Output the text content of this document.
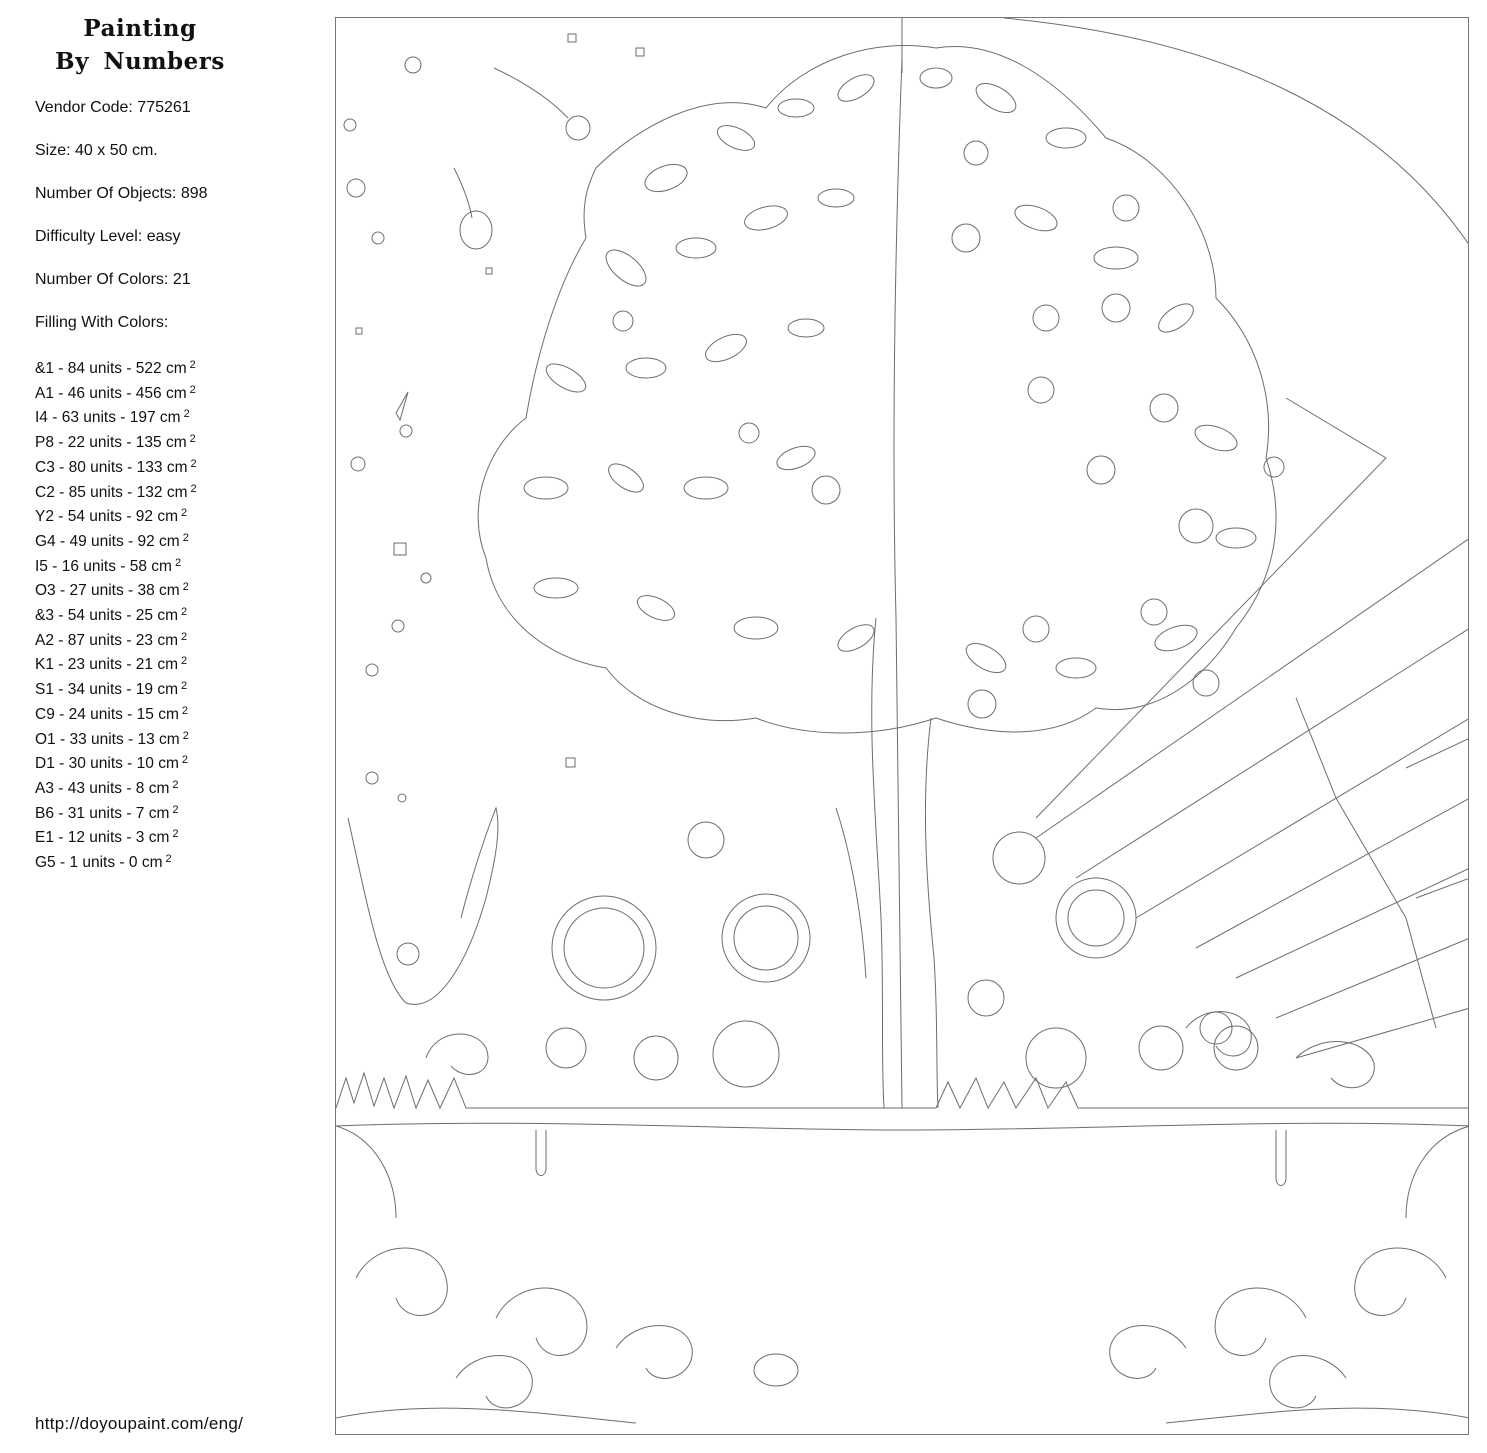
Painting
By Numbers

Vendor Code: 775261

Size: 40 x 50 cm.

Number Of Objects: 898

Difficulty Level: easy

Number Of Colors: 21

Filling With Colors:

&1 - 84 units - 522 cm $^2$
A1 - 46 units - 456 cm $^2$
I4 - 63 units - 197 cm $^2$
P8 - 22 units - 135 cm $^2$
C3 - 80 units - 133 cm $^2$
C2 - 85 units - 132 cm $^2$
Y2 - 54 units - 92 cm $^2$
G4 - 49 units - 92 cm $^2$
I5 - 16 units - 58 cm $^2$
O3 - 27 units - 38 cm $^2$
&3 - 54 units - 25 cm $^2$
A2 - 87 units - 23 cm $^2$
K1 - 23 units - 21 cm $^2$
S1 - 34 units - 19 cm $^2$
C9 - 24 units - 15 cm $^2$
O1 - 33 units - 13 cm $^2$
D1 - 30 units - 10 cm $^2$
A3 - 43 units - 8 cm $^2$
B6 - 31 units - 7 cm $^2$
E1 - 12 units - 3 cm $^2$
G5 - 1 units - 0 cm $^2$
http://doyoupaint.com/eng/
